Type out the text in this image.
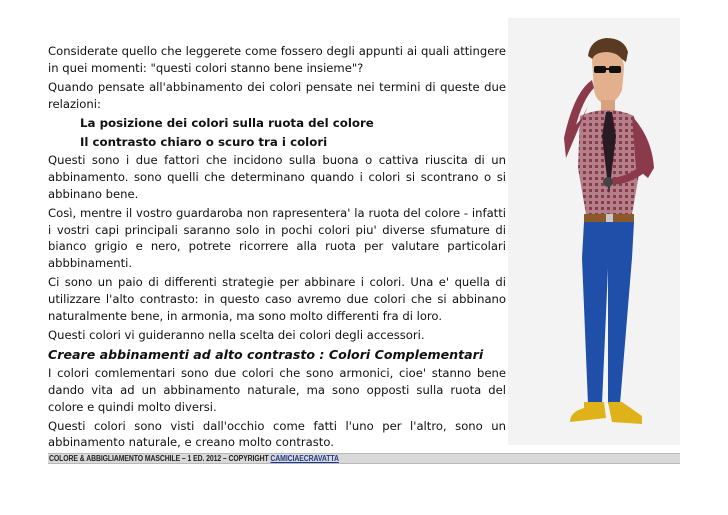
Considerate quello che leggerete come fossero degli appunti ai quali attingere in quei momenti: "questi colori stanno bene insieme"?

Quando pensate all'abbinamento dei colori pensate nei termini di queste due relazioni:

La posizione dei colori sulla ruota del colore

Il contrasto chiaro o scuro tra i colori

Questi sono i due fattori che incidono sulla buona o cattiva riuscita di un abbinamento. sono quelli che determinano quando i colori si scontrano o si abbinano bene.

Così, mentre il vostro guardaroba non rapresentera' la ruota del colore - infatti i vostri capi principali saranno solo in pochi colori piu' diverse sfumature di bianco grigio e nero, potrete ricorrere alla ruota per valutare particolari abbbinamenti.

Ci sono un paio di differenti strategie per abbinare i colori. Una e' quella di utilizzare l'alto contrasto: in questo caso avremo due colori che si abbinano naturalmente bene, in armonia, ma sono molto differenti fra di loro.

Questi colori vi guideranno nella scelta dei colori degli accessori.

Creare abbinamenti ad alto contrasto : Colori Complementari

I colori comlementari sono due colori che sono armonici, cioe' stanno bene dando vita ad un abbinamento naturale, ma sono opposti sulla ruota del colore e quindi molto diversi.

Questi colori sono visti dall'occhio come fatti l'uno per l'altro, sono un abbinamento naturale, e creano molto contrasto.

COLORE & ABBIGLIAMENTO MASCHILE – 1 ED. 2012 – COPYRIGHT CAMICIAECRAVATTA
